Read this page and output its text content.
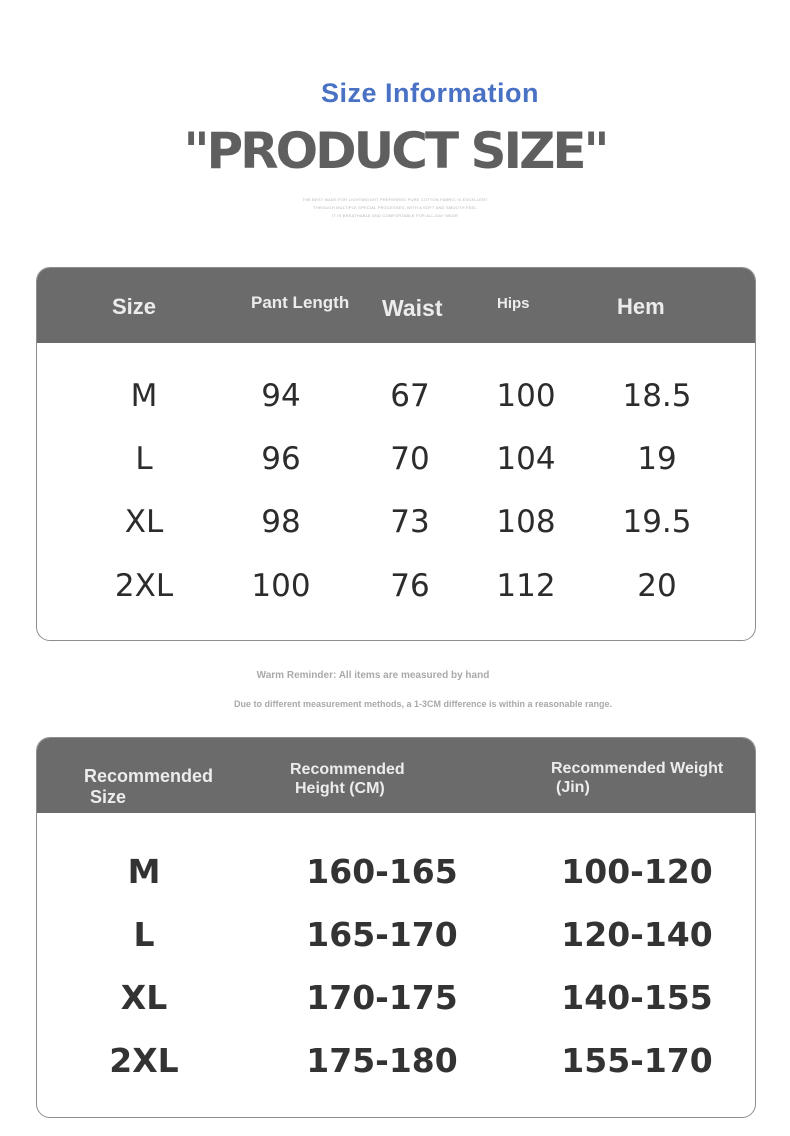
Size Information
"PRODUCT SIZE"
THE BEST MADE FOR LIGHTWEIGHT PREFERRED PURE COTTON FABRIC IS EXCELLENT
THROUGH MULTIPLE SPECIAL PROCESSES, WITH A SOFT AND SMOOTH FEEL
IT IS BREATHABLE AND COMFORTABLE FOR ALL-DAY WEAR
Size	Pant Length Waist	Hips	Hem
M	94	67 100 18.5
L	96	70 104	19
XL	98	73 108 19.5
2XL	100	76 112	20
Warm Reminder: All items are measured by hand
Due to different measurement methods, a 1-3CM difference is within a reasonable range.
Recommended
Size
Recommended
Height (CM)
Recommended Weight
(Jin)
M	160-165	100-120
L	165-170	120-140
XL	170-175	140-155
2XL	175-180	155-170
